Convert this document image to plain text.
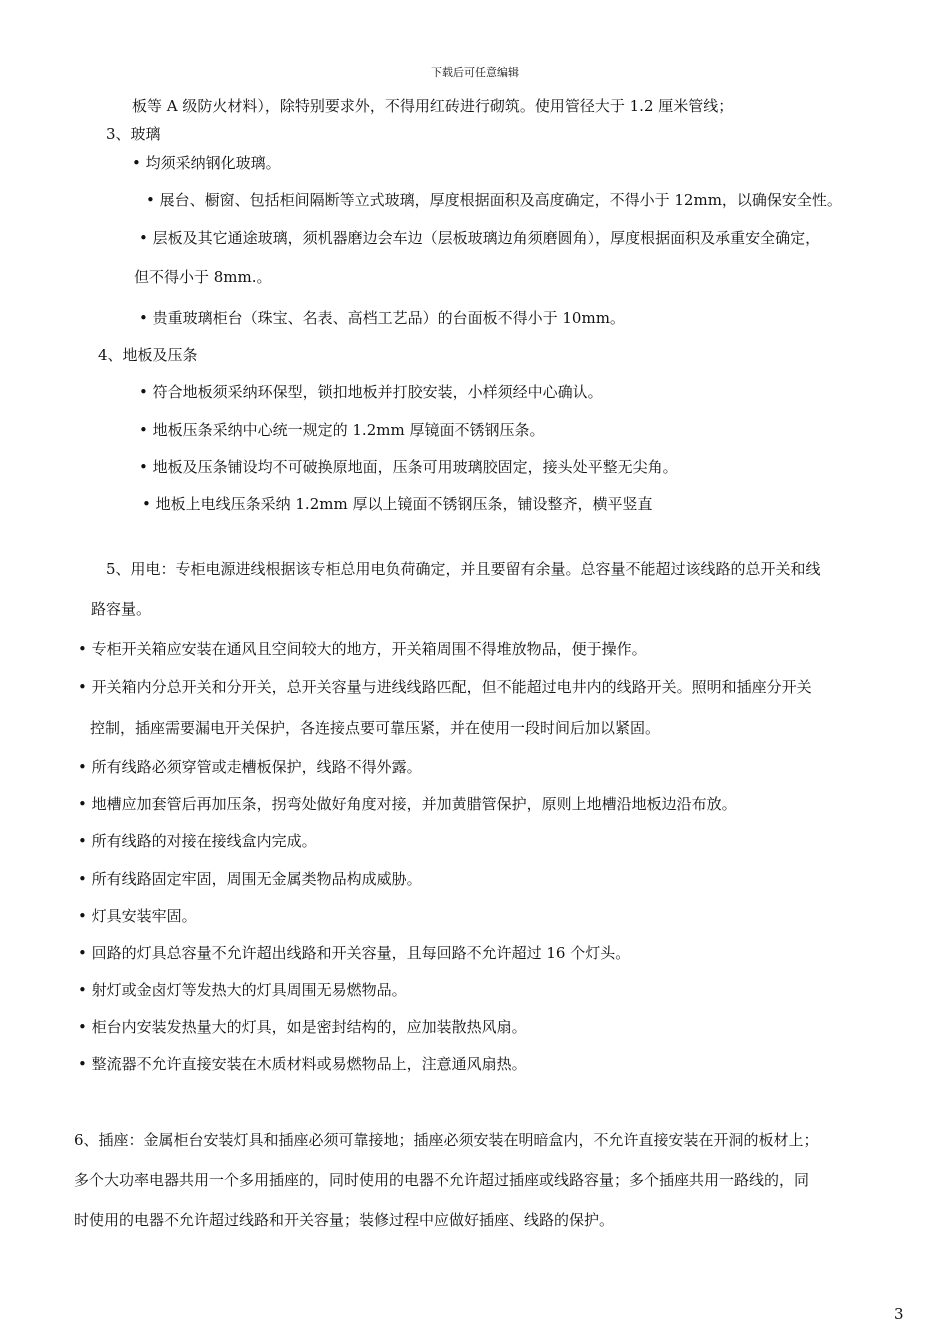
下载后可任意编辑
板等 A 级防火材料），除特别要求外，不得用红砖进行砌筑。使用管径大于 1.2 厘米管线；
3、玻璃
• 均须采纳钢化玻璃。
• 展台、橱窗、包括柜间隔断等立式玻璃，厚度根据面积及高度确定，不得小于 12mm，以确保安全性。
• 层板及其它通途玻璃，须机器磨边会车边（层板玻璃边角须磨圆角），厚度根据面积及承重安全确定，
但不得小于 8mm.。
• 贵重玻璃柜台（珠宝、名表、高档工艺品）的台面板不得小于 10mm。
4、地板及压条
• 符合地板须采纳环保型，锁扣地板并打胶安装，小样须经中心确认。
• 地板压条采纳中心统一规定的 1.2mm 厚镜面不锈钢压条。
• 地板及压条铺设均不可破换原地面，压条可用玻璃胶固定，接头处平整无尖角。
• 地板上电线压条采纳 1.2mm 厚以上镜面不锈钢压条，铺设整齐，横平竖直
5、用电：专柜电源进线根据该专柜总用电负荷确定，并且要留有余量。总容量不能超过该线路的总开关和线
路容量。
• 专柜开关箱应安装在通风且空间较大的地方，开关箱周围不得堆放物品，便于操作。
• 开关箱内分总开关和分开关，总开关容量与进线线路匹配，但不能超过电井内的线路开关。照明和插座分开关
控制，插座需要漏电开关保护，各连接点要可靠压紧，并在使用一段时间后加以紧固。
• 所有线路必须穿管或走槽板保护，线路不得外露。
• 地槽应加套管后再加压条，拐弯处做好角度对接，并加黄腊管保护，原则上地槽沿地板边沿布放。
• 所有线路的对接在接线盒内完成。
• 所有线路固定牢固，周围无金属类物品构成威胁。
• 灯具安装牢固。
• 回路的灯具总容量不允许超出线路和开关容量，且每回路不允许超过 16 个灯头。
• 射灯或金卤灯等发热大的灯具周围无易燃物品。
• 柜台内安装发热量大的灯具，如是密封结构的，应加装散热风扇。
• 整流器不允许直接安装在木质材料或易燃物品上，注意通风扇热。
6、插座：金属柜台安装灯具和插座必须可靠接地；插座必须安装在明暗盒内，不允许直接安装在开洞的板材上；
多个大功率电器共用一个多用插座的，同时使用的电器不允许超过插座或线路容量；多个插座共用一路线的，同
时使用的电器不允许超过线路和开关容量；装修过程中应做好插座、线路的保护。
3
